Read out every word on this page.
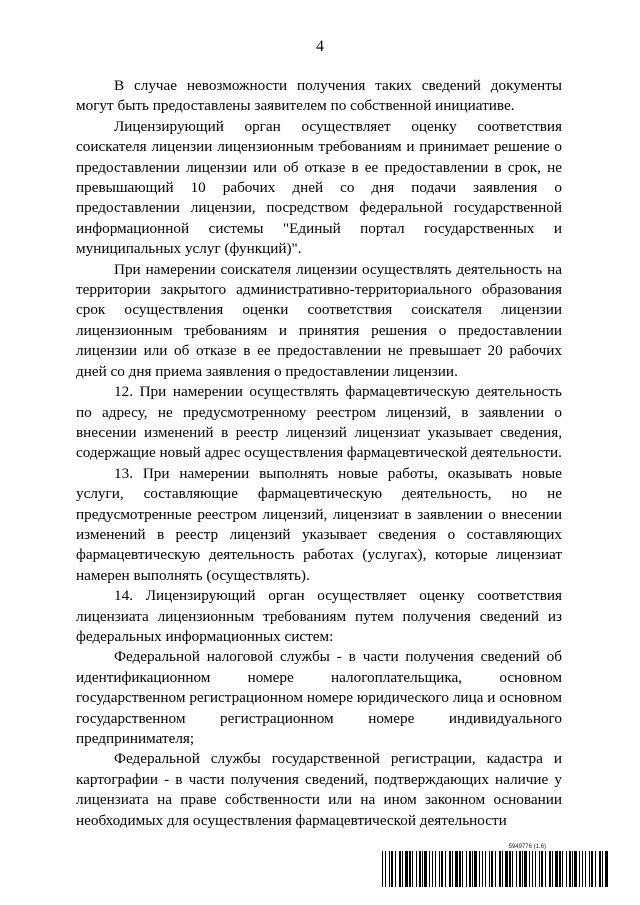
4

В случае невозможности получения таких сведений документы могут быть предоставлены заявителем по собственной инициативе.

Лицензирующий орган осуществляет оценку соответствия соискателя лицензии лицензионным требованиям и принимает решение о предоставлении лицензии или об отказе в ее предоставлении в срок, не превышающий 10 рабочих дней со дня подачи заявления о предоставлении лицензии, посредством федеральной государственной информационной системы "Единый портал государственных и муниципальных услуг (функций)".

При намерении соискателя лицензии осуществлять деятельность на территории закрытого административно-территориального образования срок осуществления оценки соответствия соискателя лицензии лицензионным требованиям и принятия решения о предоставлении лицензии или об отказе в ее предоставлении не превышает 20 рабочих дней со дня приема заявления о предоставлении лицензии.

12. При намерении осуществлять фармацевтическую деятельность по адресу, не предусмотренному реестром лицензий, в заявлении о внесении изменений в реестр лицензий лицензиат указывает сведения, содержащие новый адрес осуществления фармацевтической деятельности.

13. При намерении выполнять новые работы, оказывать новые услуги, составляющие фармацевтическую деятельность, но не предусмотренные реестром лицензий, лицензиат в заявлении о внесении изменений в реестр лицензий указывает сведения о составляющих фармацевтическую деятельность работах (услугах), которые лицензиат намерен выполнять (осуществлять).

14. Лицензирующий орган осуществляет оценку соответствия лицензиата лицензионным требованиям путем получения сведений из федеральных информационных систем:

Федеральной налоговой службы - в части получения сведений об идентификационном номере налогоплательщика, основном государственном регистрационном номере юридического лица и основном государственном регистрационном номере индивидуального предпринимателя;

Федеральной службы государственной регистрации, кадастра и картографии - в части получения сведений, подтверждающих наличие у лицензиата на праве собственности или на ином законном основании необходимых для осуществления фармацевтической деятельности

5949776 (1.6)
